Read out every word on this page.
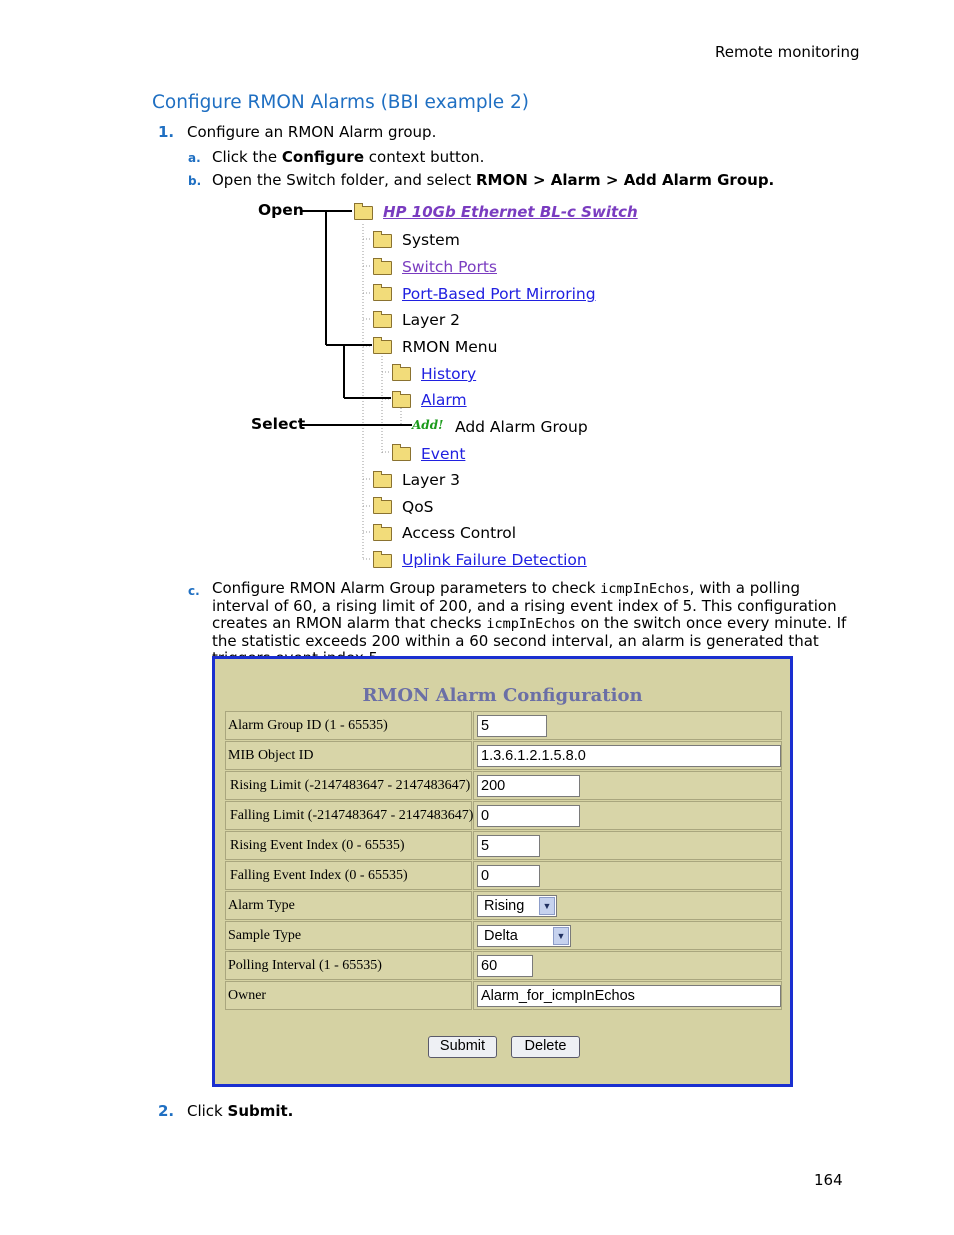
Remote monitoring
Configure RMON Alarms (BBI example 2)
1. Configure an RMON Alarm group.
a. Click the Configure context button.
b. Open the Switch folder, and select RMON > Alarm > Add Alarm Group.
Open
Select
HP 10Gb Ethernet BL-c Switch
System
Switch Ports
Port-Based Port Mirroring
Layer 2
RMON Menu
History
Alarm
Add! Add Alarm Group
Event
Layer 3
QoS
Access Control
Uplink Failure Detection
c. Configure RMON Alarm Group parameters to check icmpInEchos, with a polling interval of 60, a rising limit of 200, and a rising event index of 5. This configuration creates an RMON alarm that checks icmpInEchos on the switch once every minute. If the statistic exceeds 200 within a 60 second interval, an alarm is generated that
RMON Alarm Configuration
Alarm Group ID (1 - 65535)	5
MIB Object ID	1.3.6.1.2.1.5.8.0
Rising Limit (-2147483647 - 2147483647) 200
Falling Limit (-2147483647 - 2147483647) 0
Rising Event Index (0 - 65535)	5
Falling Event Index (0 - 65535)	0
Alarm Type	Rising	▼
Sample Type	Delta	▼
Polling Interval (1 - 65535)	60
Owner	Alarm_for_icmpInEchos
Submit	Delete
2. Click Submit.
164
